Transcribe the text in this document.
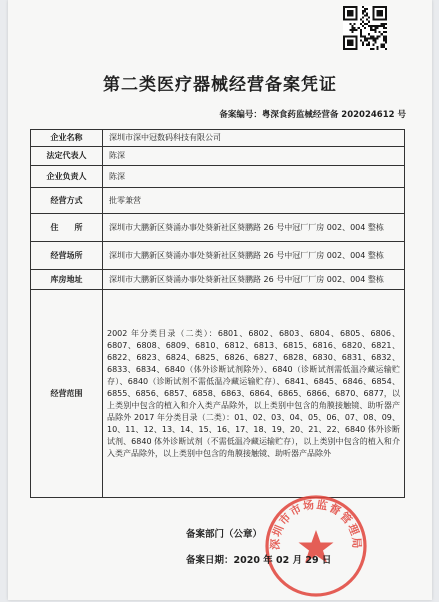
第二类医疗器械经营备案凭证
备案编号：粤深食药监械经营备 202024612 号
企业名称	深圳市深中冠数码科技有限公司
法定代表人	陈深
企业负责人	陈深
经营方式	批零兼营
住　　所	深圳市大鹏新区葵涌办事处葵新社区葵鹏路 26 号中冠厂厂房 002、004 整栋
经营场所	深圳市大鹏新区葵涌办事处葵新社区葵鹏路 26 号中冠厂厂房 002、004 整栋
库房地址	深圳市大鹏新区葵涌办事处葵新社区葵鹏路 26 号中冠厂厂房 002、004 整栋
经营范围	2002 年分类目录（二类）：6801、6802、6803、6804、6805、6806、6807、6808、6809、6810、6812、6813、6815、6816、6820、6821、6822、6823、6824、6825、6826、6827、6828、6830、6831、6832、6833、6834、6840（体外诊断试剂除外）、6840（诊断试剂需低温冷藏运输贮存）、6840（诊断试剂不需低温冷藏运输贮存）、6841、6845、6846、6854、6855、6856、6857、6858、6863、6864、6865、6866、6870、6877，以上类别中包含的植入和介入类产品除外，以上类别中包含的角膜接触镜、助听器产品除外 2017 年分类目录（二类）：01、02、03、04、05、06、07、08、09、10、11、12、13、14、15、16、17、18、19、20、21、22、6840 体外诊断试剂、6840 体外诊断试剂（不需低温冷藏运输贮存），以上类别中包含的植入和介入类产品除外，以上类别中包含的角膜接触镜、助听器产品除外
深圳市市场监督管理局
备案部门（公章）
备案日期：2020 年 02 月 29 日
